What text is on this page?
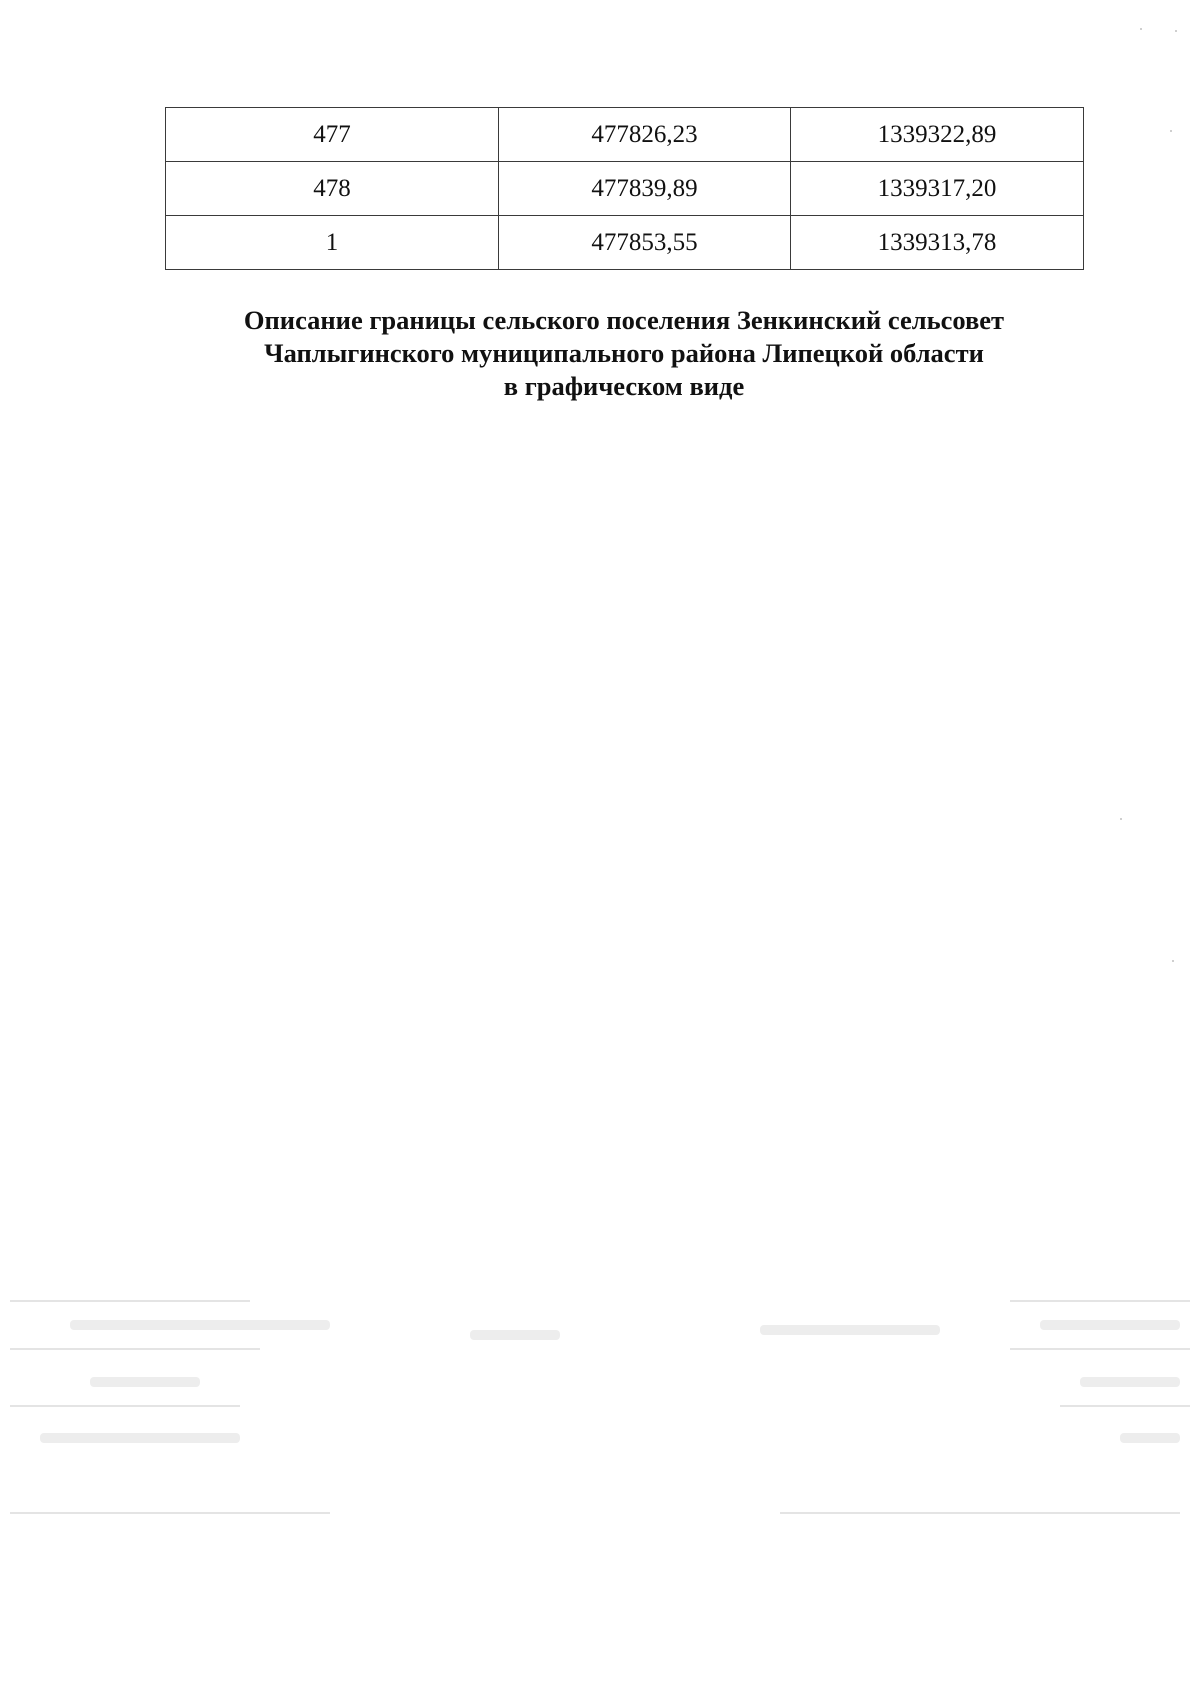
477	477826,23	1339322,89
478	477839,89	1339317,20
1	477853,55	1339313,78
Описание границы сельского поселения Зенкинский сельсовет
Чаплыгинского муниципального района Липецкой области
в графическом виде
